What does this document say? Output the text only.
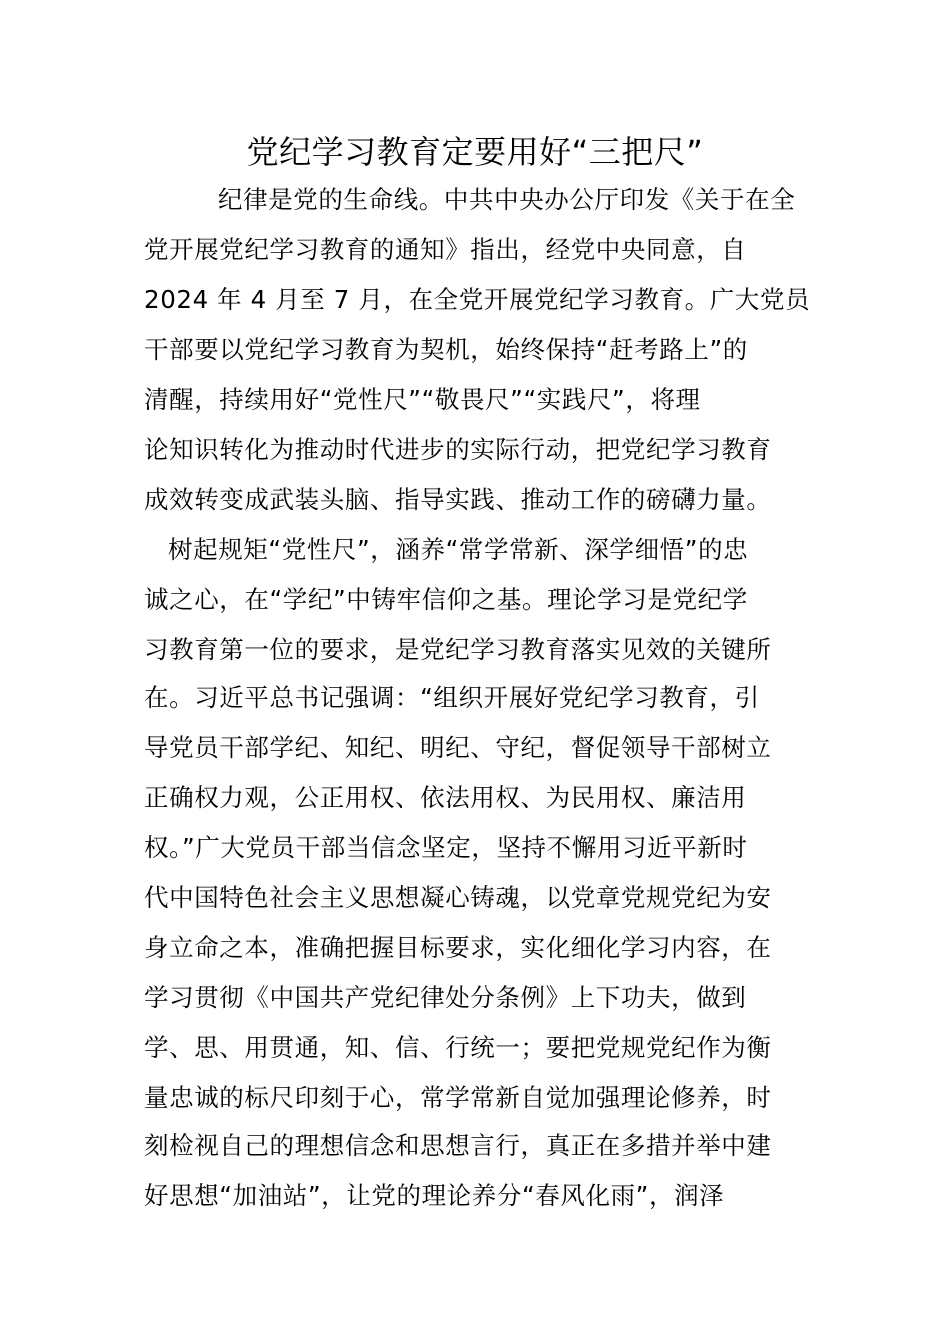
党纪学习教育定要用好“三把尺”
纪律是党的生命线。中共中央办公厅印发《关于在全
党开展党纪学习教育的通知》指出，经党中央同意，自
2024 年 4 月至 7 月，在全党开展党纪学习教育。广大党员
干部要以党纪学习教育为契机，始终保持“赶考路上”的
清醒，持续用好“党性尺”“敬畏尺”“实践尺”，将理
论知识转化为推动时代进步的实际行动，把党纪学习教育
成效转变成武装头脑、指导实践、推动工作的磅礴力量。
树起规矩“党性尺”，涵养“常学常新、深学细悟”的忠
诚之心，在“学纪”中铸牢信仰之基。理论学习是党纪学
习教育第一位的要求，是党纪学习教育落实见效的关键所
在。习近平总书记强调：“组织开展好党纪学习教育，引
导党员干部学纪、知纪、明纪、守纪，督促领导干部树立
正确权力观，公正用权、依法用权、为民用权、廉洁用
权。”广大党员干部当信念坚定，坚持不懈用习近平新时
代中国特色社会主义思想凝心铸魂，以党章党规党纪为安
身立命之本，准确把握目标要求，实化细化学习内容，在
学习贯彻《中国共产党纪律处分条例》上下功夫，做到
学、思、用贯通，知、信、行统一；要把党规党纪作为衡
量忠诚的标尺印刻于心，常学常新自觉加强理论修养，时
刻检视自己的理想信念和思想言行，真正在多措并举中建
好思想“加油站”，让党的理论养分“春风化雨”，润泽
